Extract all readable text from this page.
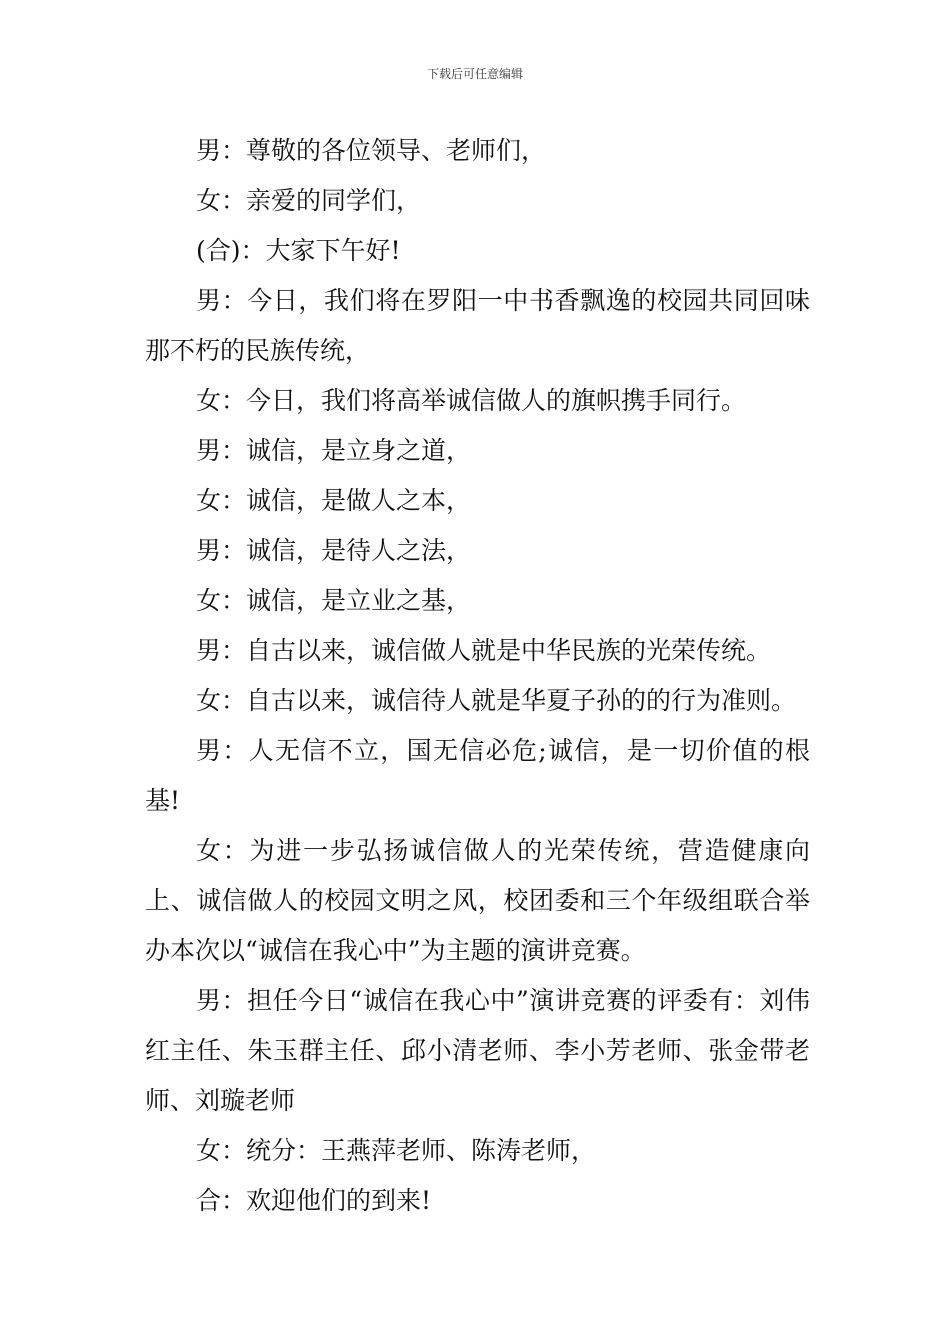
下载后可任意编辑

男：尊敬的各位领导、老师们，

女：亲爱的同学们，

(合)：大家下午好!

男：今日，我们将在罗阳一中书香飘逸的校园共同回味那不朽的民族传统，

女：今日，我们将高举诚信做人的旗帜携手同行。

男：诚信，是立身之道，

女：诚信，是做人之本，

男：诚信，是待人之法，

女：诚信，是立业之基，

男：自古以来，诚信做人就是中华民族的光荣传统。

女：自古以来，诚信待人就是华夏子孙的的行为准则。

男：人无信不立，国无信必危;诚信，是一切价值的根基!

女：为进一步弘扬诚信做人的光荣传统，营造健康向上、诚信做人的校园文明之风，校团委和三个年级组联合举办本次以“诚信在我心中”为主题的演讲竞赛。

男：担任今日“诚信在我心中”演讲竞赛的评委有：刘伟红主任、朱玉群主任、邱小清老师、李小芳老师、张金带老师、刘璇老师

女：统分：王燕萍老师、陈涛老师，

合：欢迎他们的到来!
